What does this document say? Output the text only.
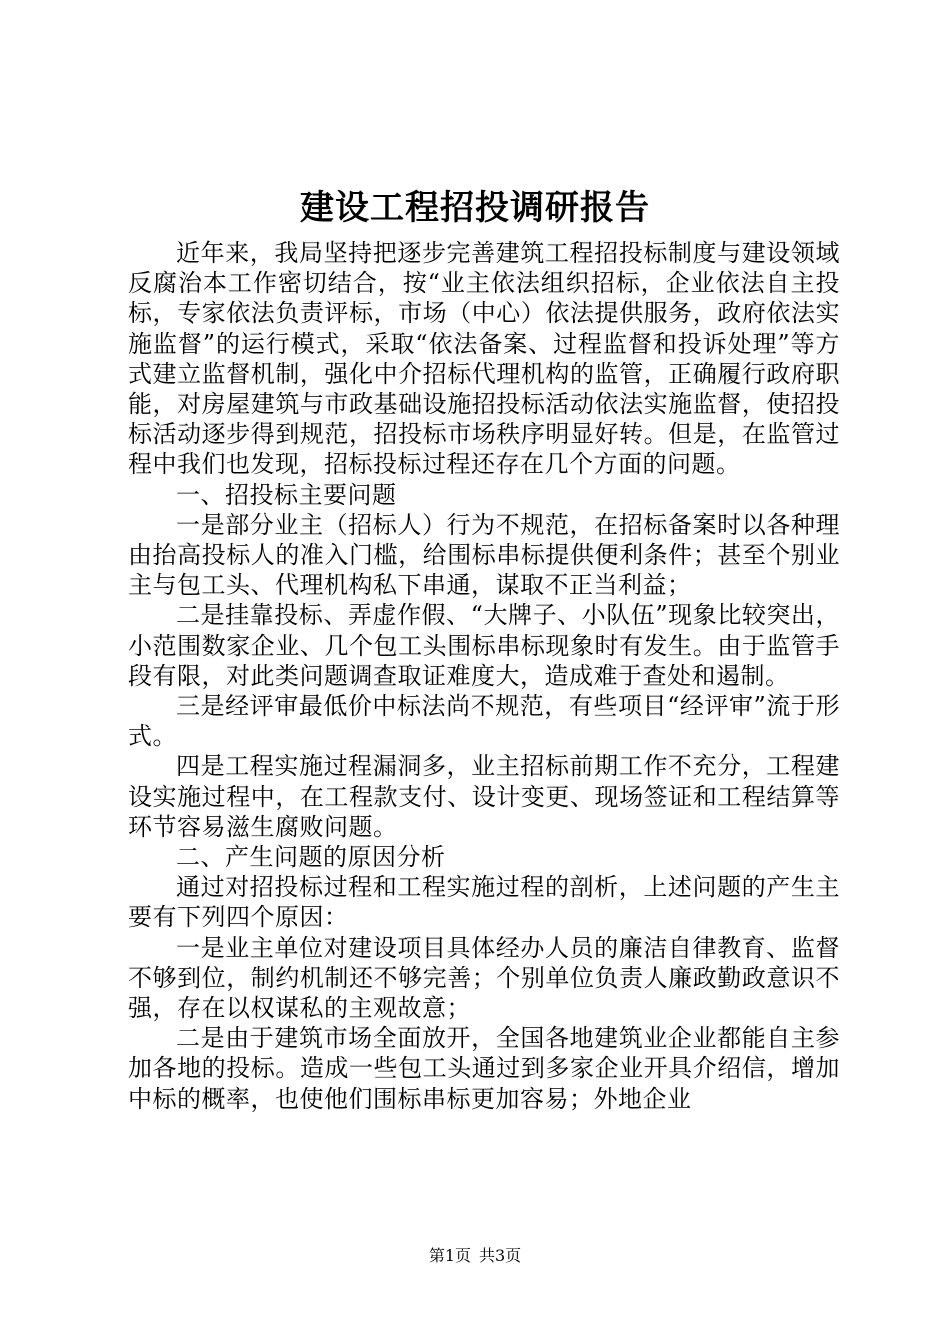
建设工程招投调研报告

近年来，我局坚持把逐步完善建筑工程招投标制度与建设领域反腐治本工作密切结合，按“业主依法组织招标，企业依法自主投标，专家依法负责评标，市场（中心）依法提供服务，政府依法实施监督”的运行模式，采取“依法备案、过程监督和投诉处理”等方式建立监督机制，强化中介招标代理机构的监管，正确履行政府职能，对房屋建筑与市政基础设施招投标活动依法实施监督，使招投标活动逐步得到规范，招投标市场秩序明显好转。但是，在监管过程中我们也发现，招标投标过程还存在几个方面的问题。

一、招投标主要问题

一是部分业主（招标人）行为不规范，在招标备案时以各种理由抬高投标人的准入门槛，给围标串标提供便利条件；甚至个别业主与包工头、代理机构私下串通，谋取不正当利益；

二是挂靠投标、弄虚作假、“大牌子、小队伍”现象比较突出，小范围数家企业、几个包工头围标串标现象时有发生。由于监管手段有限，对此类问题调查取证难度大，造成难于查处和遏制。

三是经评审最低价中标法尚不规范，有些项目“经评审”流于形式。

四是工程实施过程漏洞多，业主招标前期工作不充分，工程建设实施过程中，在工程款支付、设计变更、现场签证和工程结算等环节容易滋生腐败问题。

二、产生问题的原因分析

通过对招投标过程和工程实施过程的剖析，上述问题的产生主要有下列四个原因：

一是业主单位对建设项目具体经办人员的廉洁自律教育、监督不够到位，制约机制还不够完善；个别单位负责人廉政勤政意识不强，存在以权谋私的主观故意；

二是由于建筑市场全面放开，全国各地建筑业企业都能自主参加各地的投标。造成一些包工头通过到多家企业开具介绍信，增加中标的概率，也使他们围标串标更加容易；外地企业

第1页 共3页
